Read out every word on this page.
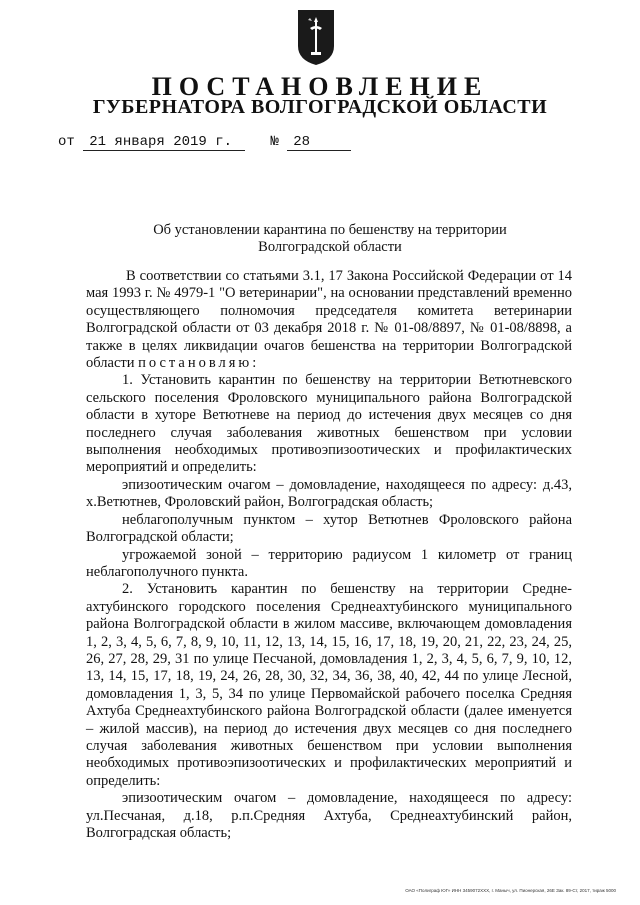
ПОСТАНОВЛЕНИЕ
ГУБЕРНАТОРА ВОЛГОГРАДСКОЙ ОБЛАСТИ
от 21 января 2019 г.	№ 28
Об установлении карантина по бешенству на территории Волгоградской области

В соответствии со статьями 3.1, 17 Закона Российской Федерации от 14 мая 1993 г. № 4979-1 "О ветеринарии", на основании представлений временно осуществляющего полномочия председателя комитета ветеринарии Волгоградской области от 03 декабря 2018 г. № 01-08/8897, № 01-08/8898, а также в целях ликвидации очагов бешенства на территории Волгоградской области постановляю:

1. Установить карантин по бешенству на территории Ветютневского сельского поселения Фроловского муниципального района Волгоградской области в хуторе Ветютневе на период до истечения двух месяцев со дня последнего случая заболевания животных бешенством при условии выполнения необходимых противоэпизоотических и профилактических мероприятий и определить:

эпизоотическим очагом – домовладение, находящееся по адресу: д.43, х.Ветютнев, Фроловский район, Волгоградская область;

неблагополучным пунктом – хутор Ветютнев Фроловского района Волгоградской области;

угрожаемой зоной – территорию радиусом 1 километр от границ неблагополучного пункта.

2. Установить карантин по бешенству на территории Средне-ахтубинского городского поселения Среднеахтубинского муниципального района Волгоградской области в жилом массиве, включающем домовладения 1, 2, 3, 4, 5, 6, 7, 8, 9, 10, 11, 12, 13, 14, 15, 16, 17, 18, 19, 20, 21, 22, 23, 24, 25, 26, 27, 28, 29, 31 по улице Песчаной, домовладения 1, 2, 3, 4, 5, 6, 7, 9, 10, 12, 13, 14, 15, 17, 18, 19, 24, 26, 28, 30, 32, 34, 36, 38, 40, 42, 44 по улице Лесной, домовладения 1, 3, 5, 34 по улице Первомайской рабочего поселка Средняя Ахтуба Среднеахтубинского района Волгоградской области (далее именуется – жилой массив), на период до истечения двух месяцев со дня последнего случая заболевания животных бешенством при условии выполнения необходимых противоэпизоотических и профилактических мероприятий и определить:

эпизоотическим очагом – домовладение, находящееся по адресу: ул.Песчаная, д.18, р.п.Средняя Ахтуба, Среднеахтубинский район, Волгоградская область;

ОАО «Полиграф ЮГ» ИНН 3459072XXX, г. Маныч, ул. Пионерская, 26Е Зак. 89-Ст, 2017, тираж 5000
